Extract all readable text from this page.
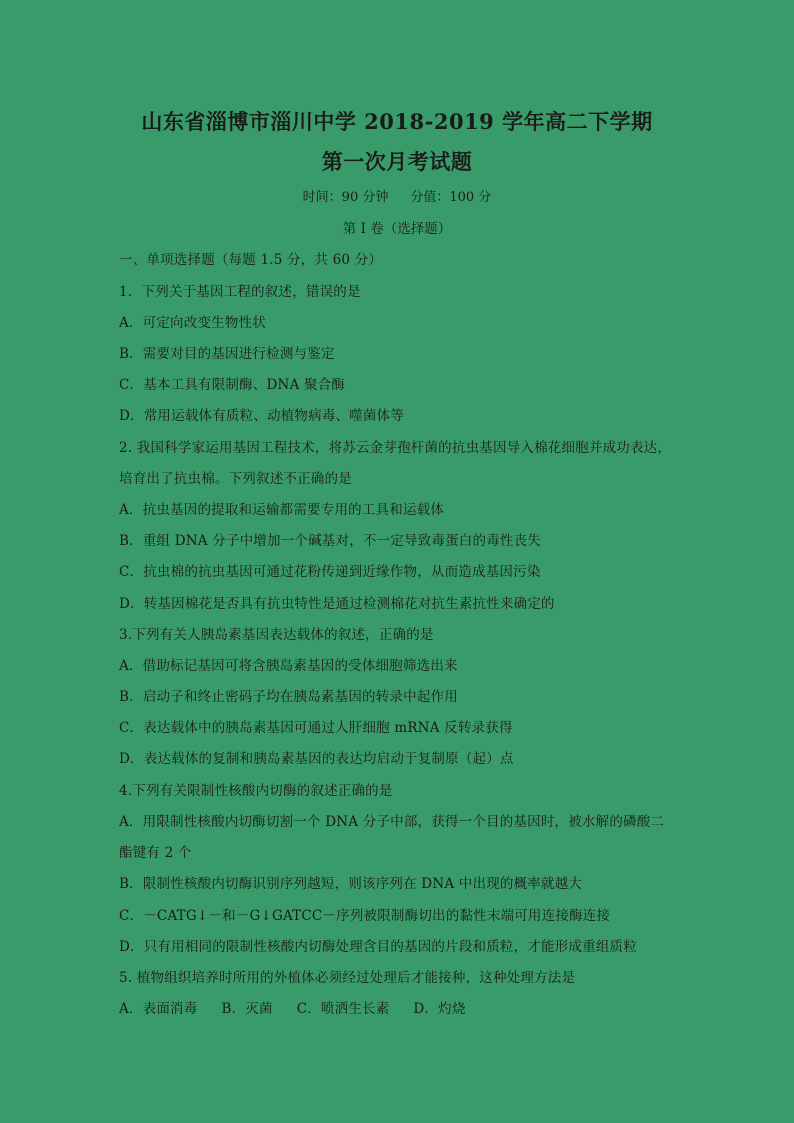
山东省淄博市淄川中学 2018-2019 学年高二下学期
第一次月考试题
时间：90 分钟 分值：100 分
第 I 卷（选择题）
一、单项选择题（每题 1.5 分，共 60 分）
1．下列关于基因工程的叙述，错误的是
A．可定向改变生物性状
B．需要对目的基因进行检测与鉴定
C．基本工具有限制酶、DNA 聚合酶
D．常用运载体有质粒、动植物病毒、噬菌体等
2. 我国科学家运用基因工程技术，将苏云金芽孢杆菌的抗虫基因导入棉花细胞并成功表达，
培育出了抗虫棉。下列叙述不正确的是
A．抗虫基因的提取和运输都需要专用的工具和运载体
B．重组 DNA 分子中增加一个碱基对，不一定导致毒蛋白的毒性丧失
C．抗虫棉的抗虫基因可通过花粉传递到近缘作物，从而造成基因污染
D．转基因棉花是否具有抗虫特性是通过检测棉花对抗生素抗性来确定的
3.下列有关人胰岛素基因表达载体的叙述，正确的是
A．借助标记基因可将含胰岛素基因的受体细胞筛选出来
B．启动子和终止密码子均在胰岛素基因的转录中起作用
C．表达载体中的胰岛素基因可通过人肝细胞 mRNA 反转录获得
D．表达载体的复制和胰岛素基因的表达均启动于复制原（起）点
4.下列有关限制性核酸内切酶的叙述正确的是
A．用限制性核酸内切酶切割一个 DNA 分子中部，获得一个目的基因时，被水解的磷酸二
酯键有 2 个
B．限制性核酸内切酶识别序列越短，则该序列在 DNA 中出现的概率就越大
C．－CATG↓－和－G↓GATCC－序列被限制酶切出的黏性末端可用连接酶连接
D．只有用相同的限制性核酸内切酶处理含目的基因的片段和质粒，才能形成重组质粒
5. 植物组织培养时所用的外植体必须经过处理后才能接种，这种处理方法是
A．表面消毒 B．灭菌 C．喷洒生长素 D．灼烧
